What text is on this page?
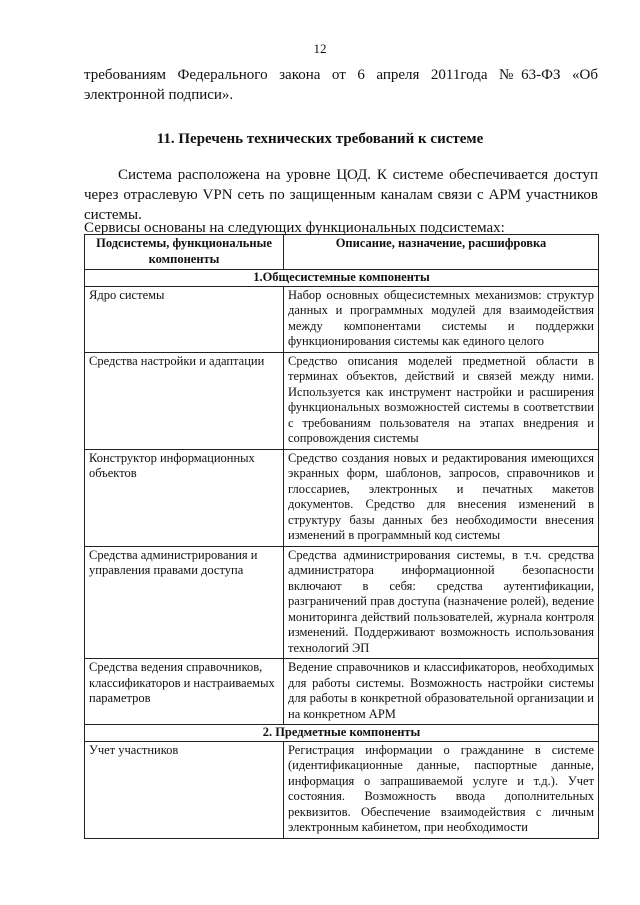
12
требованиям Федерального закона от 6 апреля 2011года №63-ФЗ «Об электронной подписи».
11. Перечень технических требований к системе
Система расположена на уровне ЦОД. К системе обеспечивается доступ через отраслевую VPN сеть по защищенным каналам связи с АРМ участников системы.
Сервисы основаны на следующих функциональных подсистемах:
Подсистемы, функциональные компоненты	Описание, назначение, расшифровка
1.Общесистемные компоненты	
Ядро системы	Набор основных общесистемных механизмов: структур данных и программных модулей для взаимодействия между компонентами системы и поддержки функционирования системы как единого целого
Средства настройки и адаптации	Средство описания моделей предметной области в терминах объектов, действий и связей между ними. Используется как инструмент настройки и расширения функциональных возможностей системы в соответствии с требованиям пользователя на этапах внедрения и сопровождения системы
Конструктор информационных объектов	Средство создания новых и редактирования имеющихся экранных форм, шаблонов, запросов, справочников и глоссариев, электронных и печатных макетов документов. Средство для внесения изменений в структуру базы данных без необходимости внесения изменений в программный код системы
Средства администрирования и управления правами доступа	Средства администрирования системы, в т.ч. средства администратора информационной безопасности включают в себя: средства аутентификации, разграничений прав доступа (назначение ролей), ведение мониторинга действий пользователей, журнала контроля изменений. Поддерживают возможность использования технологий ЭП
Средства ведения справочников, классификаторов и настраиваемых параметров	Ведение справочников и классификаторов, необходимых для работы системы. Возможность настройки системы для работы в конкретной образовательной организации и на конкретном АРМ
2. Предметные компоненты	
Учет участников	Регистрация информации о гражданине в системе (идентификационные данные, паспортные данные, информация о запрашиваемой услуге и т.д.). Учет состояния. Возможность ввода дополнительных реквизитов. Обеспечение взаимодействия с личным электронным кабинетом, при необходимости
